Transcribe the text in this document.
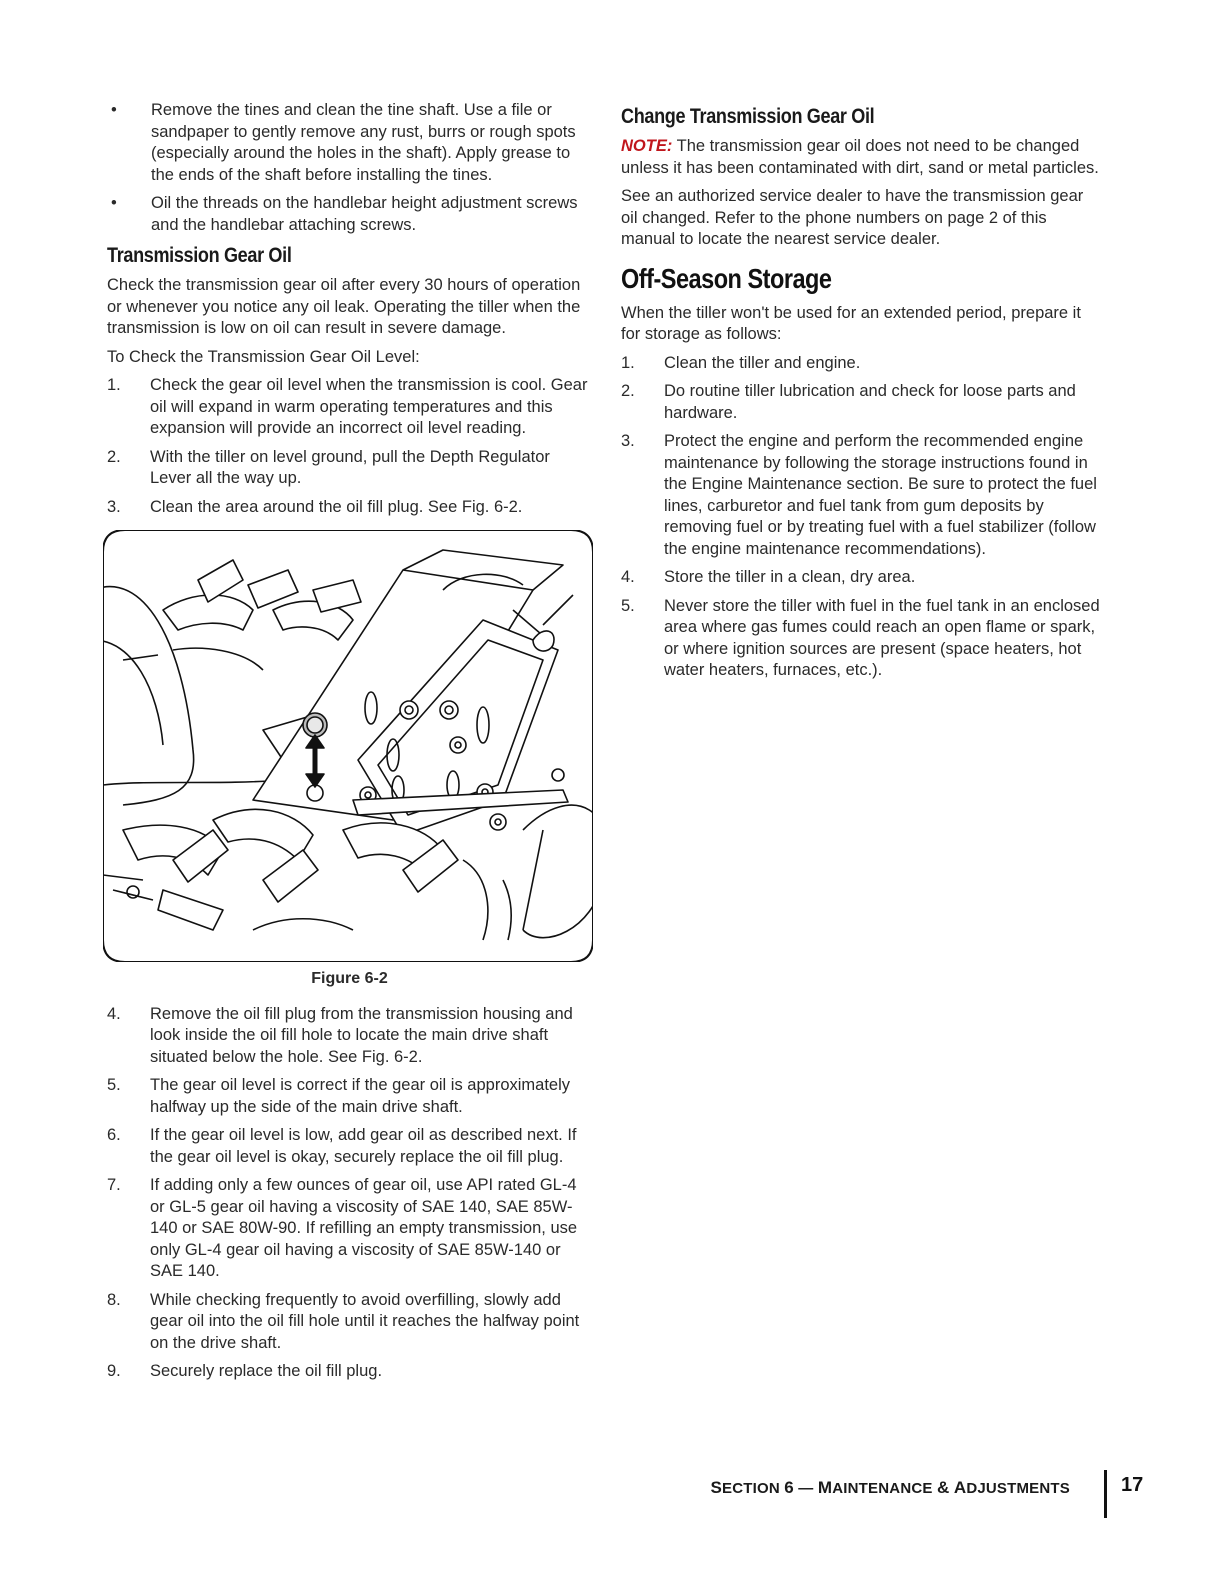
• Remove the tines and clean the tine shaft. Use a file or sandpaper to gently remove any rust, burrs or rough spots (especially around the holes in the shaft). Apply grease to the ends of the shaft before installing the tines.
• Oil the threads on the handlebar height adjustment screws and the handlebar attaching screws.
Transmission Gear Oil

Check the transmission gear oil after every 30 hours of operation or whenever you notice any oil leak. Operating the tiller when the transmission is low on oil can result in severe damage.

To Check the Transmission Gear Oil Level:

1. Check the gear oil level when the transmission is cool. Gear oil will expand in warm operating temperatures and this expansion will provide an incorrect oil level reading.
2. With the tiller on level ground, pull the Depth Regulator Lever all the way up.
3. Clean the area around the oil fill plug. See Fig. 6-2.
Figure 6-2
4. Remove the oil fill plug from the transmission housing and look inside the oil fill hole to locate the main drive shaft situated below the hole. See Fig. 6-2.
5. The gear oil level is correct if the gear oil is approximately halfway up the side of the main drive shaft.
6. If the gear oil level is low, add gear oil as described next. If the gear oil level is okay, securely replace the oil fill plug.
7. If adding only a few ounces of gear oil, use API rated GL-4 or GL-5 gear oil having a viscosity of SAE 140, SAE 85W-140 or SAE 80W-90. If refilling an empty transmission, use only GL-4 gear oil having a viscosity of SAE 85W-140 or SAE 140.
8. While checking frequently to avoid overfilling, slowly add gear oil into the oil fill hole until it reaches the halfway point on the drive shaft.
9. Securely replace the oil fill plug.
Change Transmission Gear Oil

NOTE: The transmission gear oil does not need to be changed unless it has been contaminated with dirt, sand or metal particles.

See an authorized service dealer to have the transmission gear oil changed. Refer to the phone numbers on page 2 of this manual to locate the nearest service dealer.

Off-Season Storage

When the tiller won't be used for an extended period, prepare it for storage as follows:

1. Clean the tiller and engine.
2. Do routine tiller lubrication and check for loose parts and hardware.
3. Protect the engine and perform the recommended engine maintenance by following the storage instructions found in the Engine Maintenance section. Be sure to protect the fuel lines, carburetor and fuel tank from gum deposits by removing fuel or by treating fuel with a fuel stabilizer (follow the engine maintenance recommendations).
4. Store the tiller in a clean, dry area.
5. Never store the tiller with fuel in the fuel tank in an enclosed area where gas fumes could reach an open flame or spark, or where ignition sources are present (space heaters, hot water heaters, furnaces, etc.).
SECTION 6 — MAINTENANCE & ADJUSTMENTS	17
